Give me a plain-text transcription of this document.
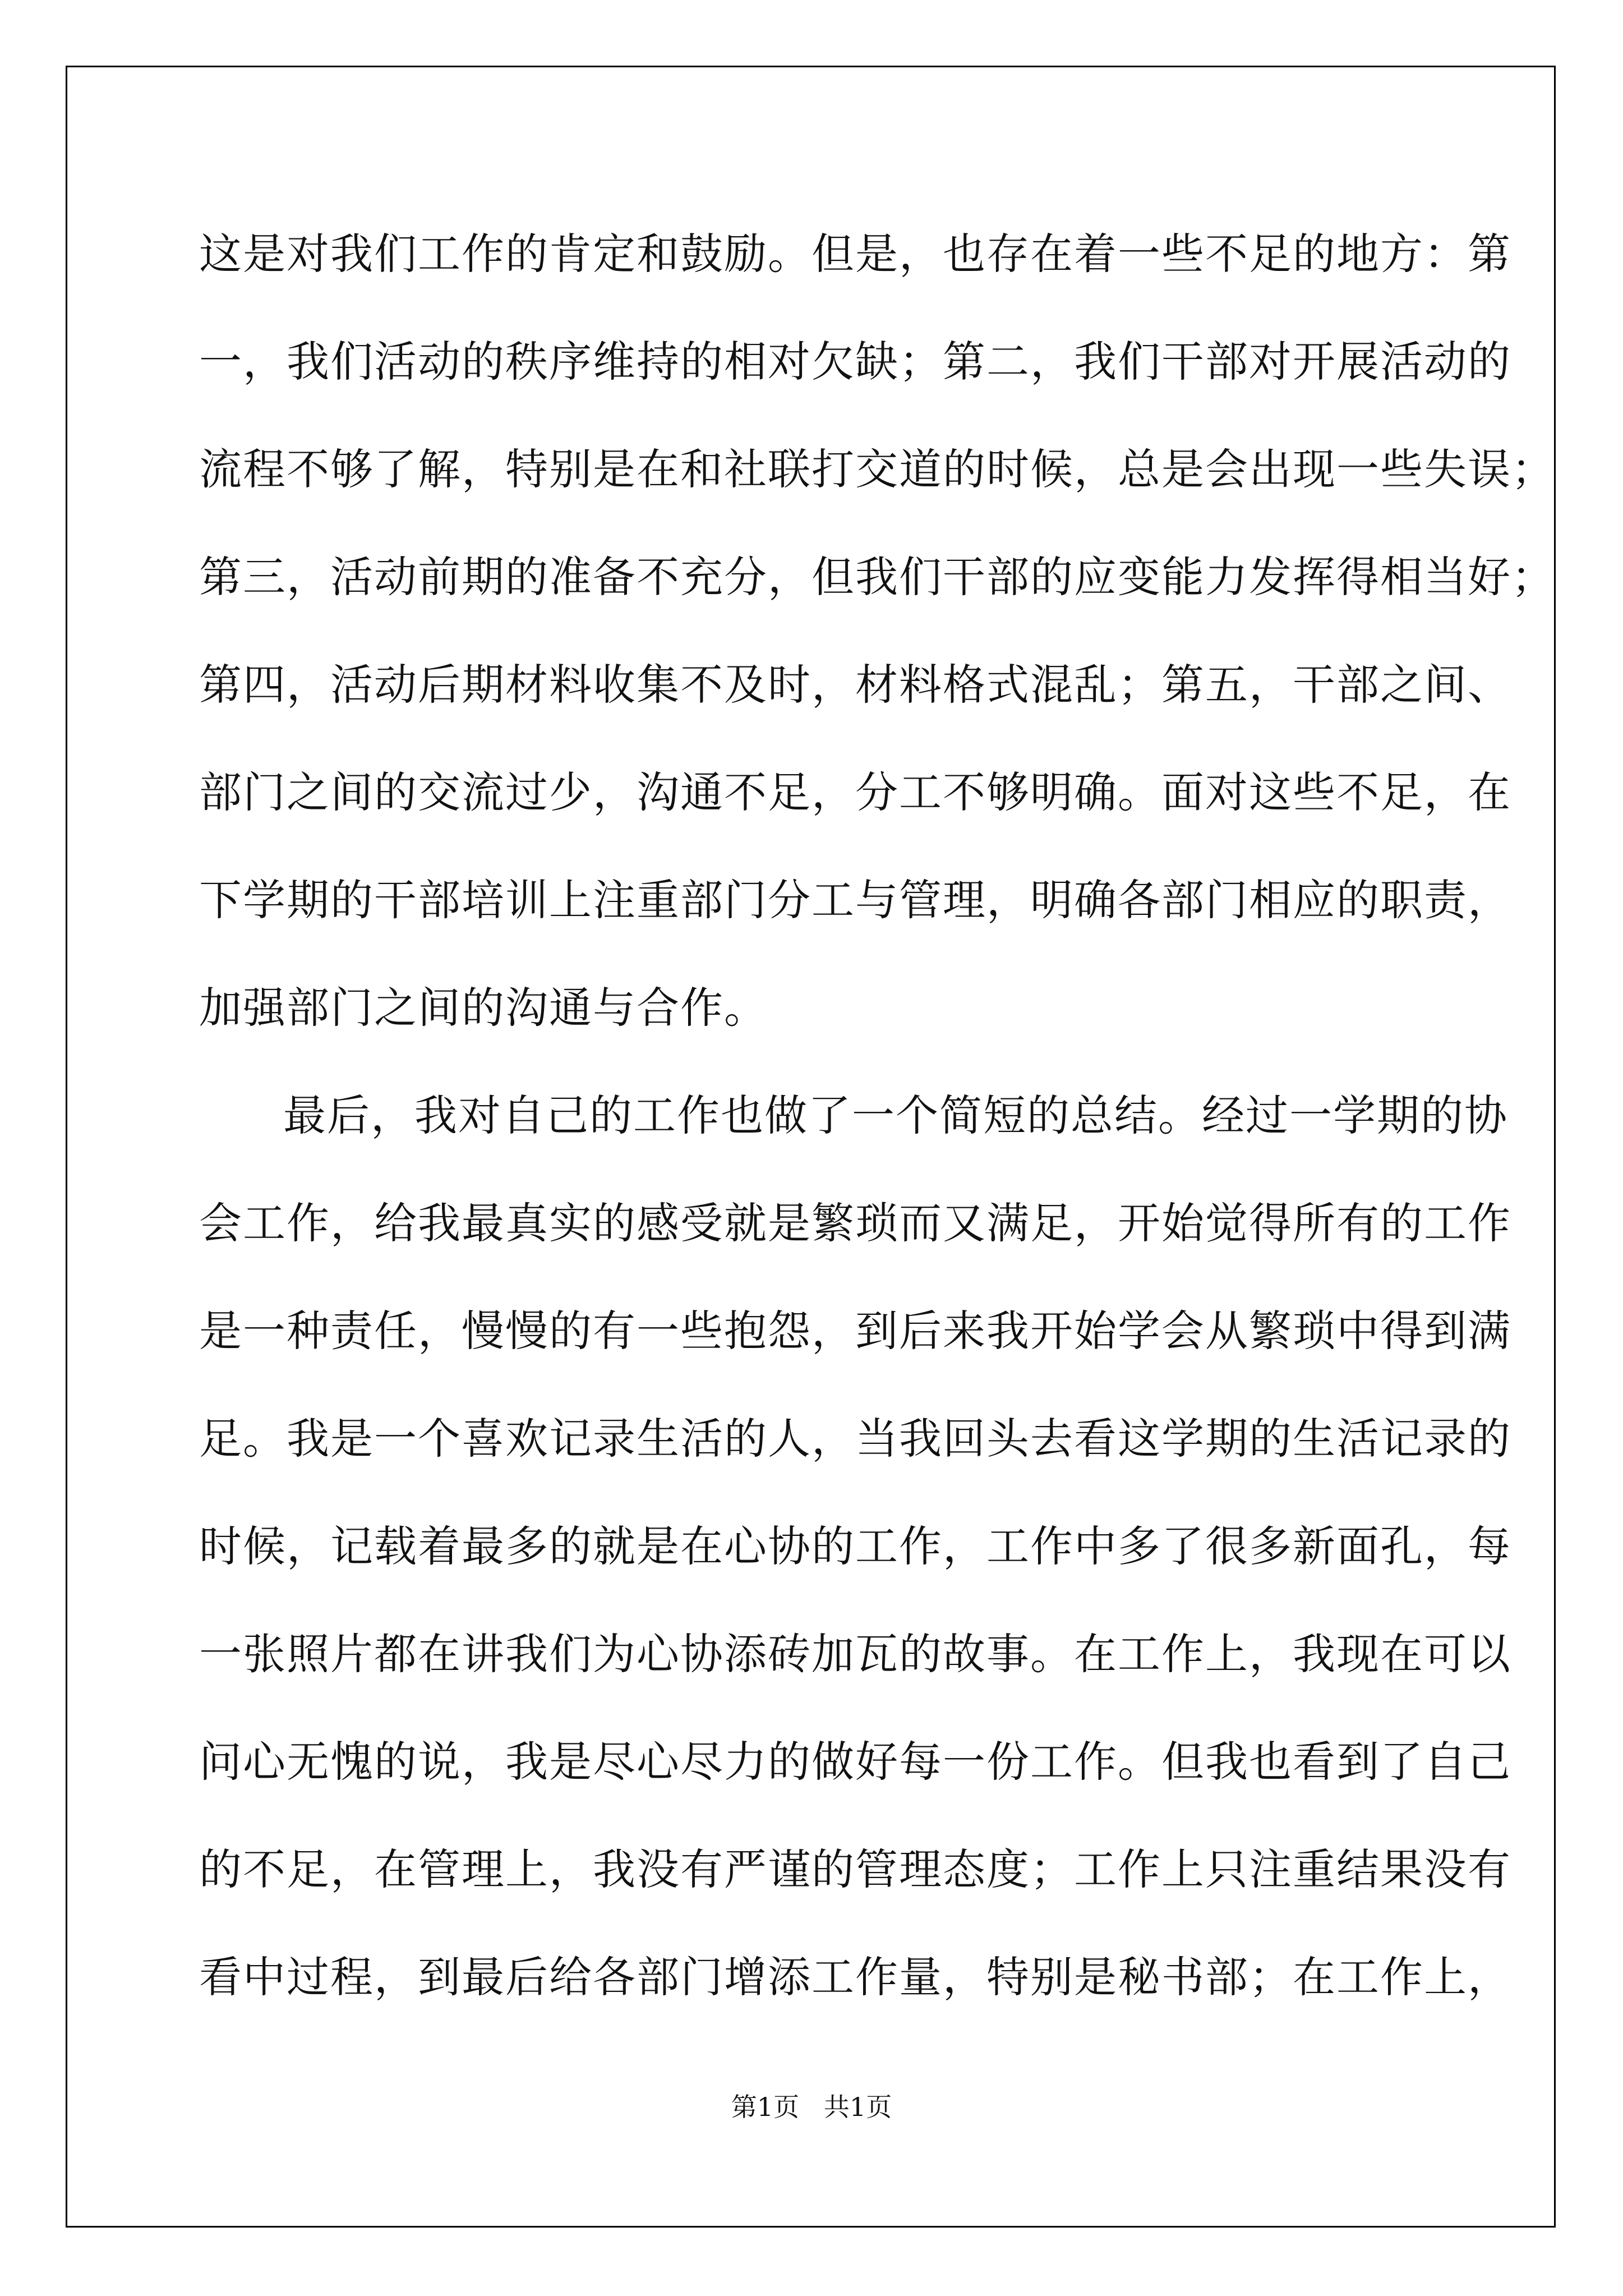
这是对我们工作的肯定和鼓励。但是，也存在着一些不足的地方：第
一，我们活动的秩序维持的相对欠缺；第二，我们干部对开展活动的
流程不够了解，特别是在和社联打交道的时候，总是会出现一些失误；
第三，活动前期的准备不充分，但我们干部的应变能力发挥得相当好；
第四，活动后期材料收集不及时，材料格式混乱；第五，干部之间、
部门之间的交流过少，沟通不足，分工不够明确。面对这些不足，在
下学期的干部培训上注重部门分工与管理，明确各部门相应的职责，
加强部门之间的沟通与合作。
最后，我对自己的工作也做了一个简短的总结。经过一学期的协
会工作，给我最真实的感受就是繁琐而又满足，开始觉得所有的工作
是一种责任，慢慢的有一些抱怨，到后来我开始学会从繁琐中得到满
足。我是一个喜欢记录生活的人，当我回头去看这学期的生活记录的
时候，记载着最多的就是在心协的工作，工作中多了很多新面孔，每
一张照片都在讲我们为心协添砖加瓦的故事。在工作上，我现在可以
问心无愧的说，我是尽心尽力的做好每一份工作。但我也看到了自己
的不足，在管理上，我没有严谨的管理态度；工作上只注重结果没有
看中过程，到最后给各部门增添工作量，特别是秘书部；在工作上，
第1页   共1页
